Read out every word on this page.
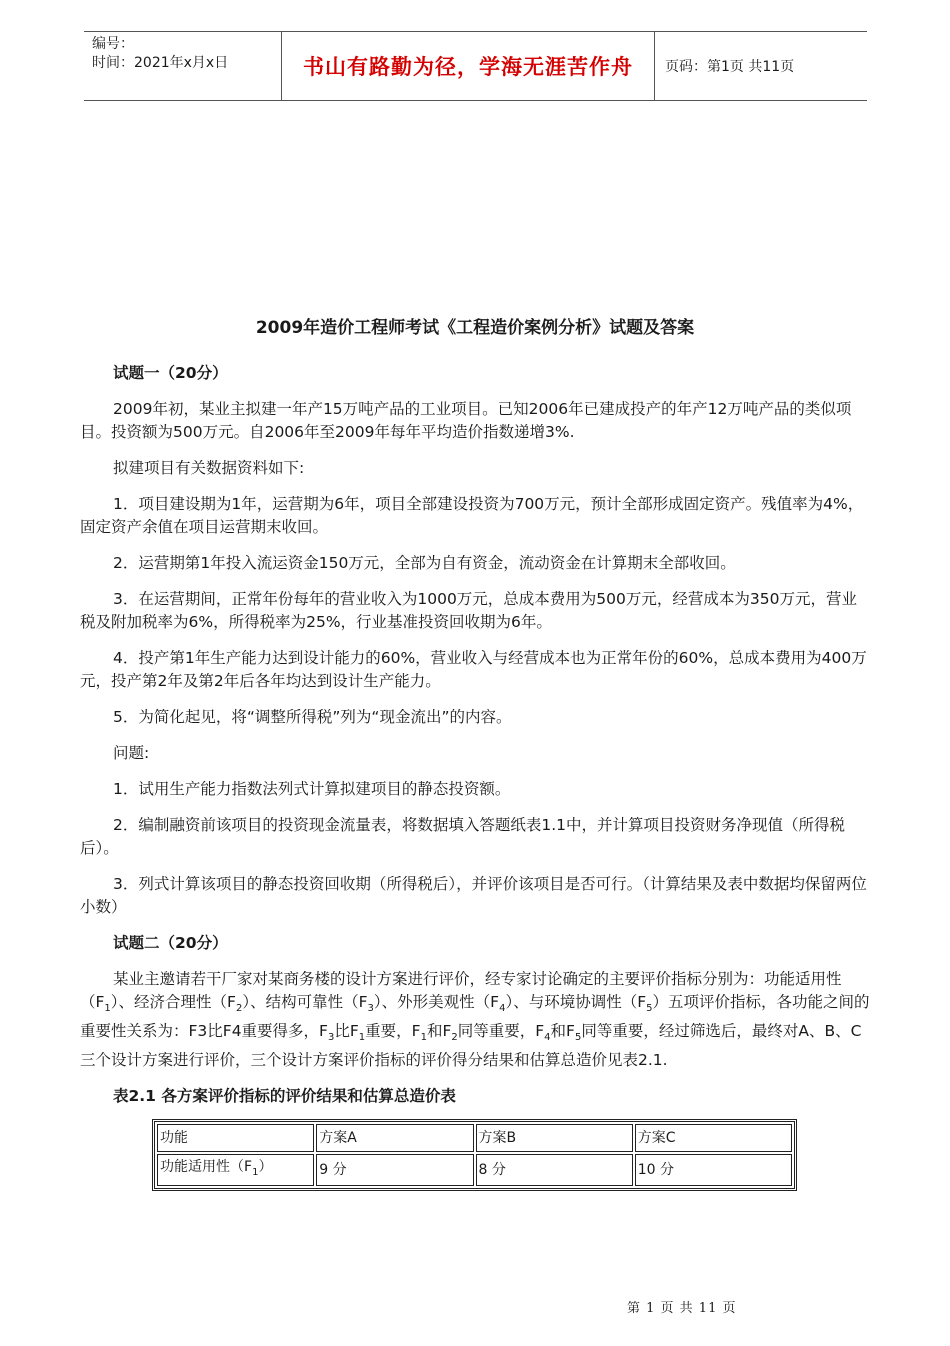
编号：
时间：2021年x月x日	书山有路勤为径，学海无涯苦作舟	页码：第1页 共11页
2009年造价工程师考试《工程造价案例分析》试题及答案
试题一（20分）
2009年初，某业主拟建一年产15万吨产品的工业项目。已知2006年已建成投产的年产12万吨产品的类似项目。投资额为500万元。自2006年至2009年每年平均造价指数递增3%.
拟建项目有关数据资料如下:
1．项目建设期为1年，运营期为6年，项目全部建设投资为700万元，预计全部形成固定资产。残值率为4%，固定资产余值在项目运营期末收回。
2．运营期第1年投入流运资金150万元，全部为自有资金，流动资金在计算期末全部收回。
3．在运营期间，正常年份每年的营业收入为1000万元，总成本费用为500万元，经营成本为350万元，营业税及附加税率为6%，所得税率为25%，行业基准投资回收期为6年。
4．投产第1年生产能力达到设计能力的60%，营业收入与经营成本也为正常年份的60%，总成本费用为400万元，投产第2年及第2年后各年均达到设计生产能力。
5．为简化起见，将“调整所得税”列为“现金流出”的内容。
问题:
1．试用生产能力指数法列式计算拟建项目的静态投资额。
2．编制融资前该项目的投资现金流量表，将数据填入答题纸表1.1中，并计算项目投资财务净现值（所得税后）。
3．列式计算该项目的静态投资回收期（所得税后），并评价该项目是否可行。（计算结果及表中数据均保留两位小数）
试题二（20分）
某业主邀请若干厂家对某商务楼的设计方案进行评价，经专家讨论确定的主要评价指标分别为：功能适用性$(F_1)$、经济合理性$(F_2)$、结构可靠性$(F_3)$、外形美观性$(F_4)$、与环境协调性$(F_5)$五项评价指标，各功能之间的重要性关系为：F3比F4重要得多，$F_3$比$F_1$重要，$F_1$和$F_2$同等重要，$F_4$和$F_5$同等重要，经过筛选后，最终对A、B、C三个设计方案进行评价，三个设计方案评价指标的评价得分结果和估算总造价见表2.1.
表2.1 各方案评价指标的评价结果和估算总造价表
功能	方案A	方案B	方案C
功能适用性$(F_1)$	9 分	8 分	10 分
第 1 页 共 11 页
